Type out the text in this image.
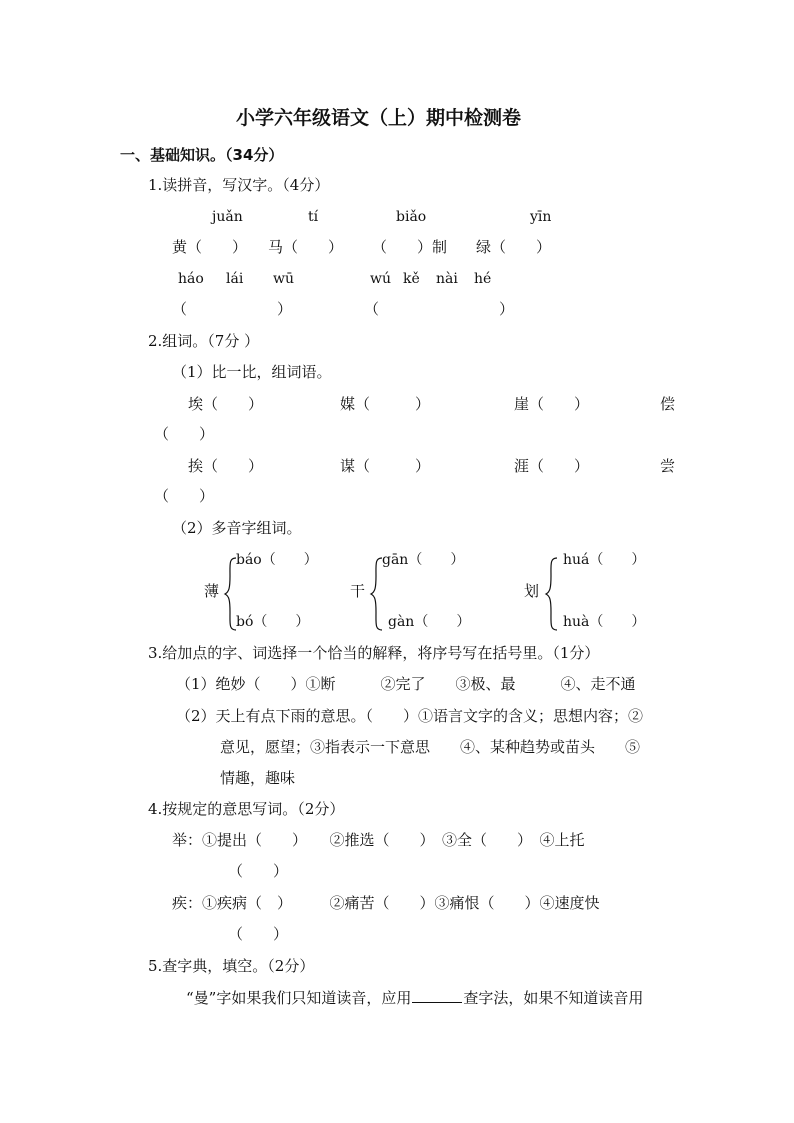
小学六年级语文（上）期中检测卷
一、基础知识。（34分）
1.读拼音，写汉字。（4分）
juǎn	tí	biǎo	yīn
黄（　　） 马（　　） （　　）制 绿（　　）
háo lái wū	wú kě nài hé
（　　　　　　）	（　　　　　　　　）
2.组词。（7分 ）
（1）比一比，组词语。
埃（　　）	媒（　　　）	崖（　　）	偿
（　　）
挨（　　）	谋（　　　）	涯（　　）	尝
（　　）
（2）多音字组词。
薄
báo（　　）
bó（　　）
干
gān（　　）
gàn（　　）
划
huá（　　）
huà（　　）
3.给加点的字、词选择一个恰当的解释，将序号写在括号里。（1分）
（1）绝妙（　　）①断　　　②完了　　③极、最　　　④、走不通
（2）天上有点下雨的意思。（　　）①语言文字的含义；思想内容；②
意见，愿望；③指表示一下意思　　④、某种趋势或苗头　　⑤
情趣，趣味
4.按规定的意思写词。（2分）
举：①提出（　　）　　②推选（　　）　③全（　　）　④上托
（　　）
疾：①疾病（　）　　　②痛苦（　　）③痛恨（　　）④速度快
（　　）
5.查字典，填空。（2分）
“曼”字如果我们只知道读音，应用	查字法，如果不知道读音用
